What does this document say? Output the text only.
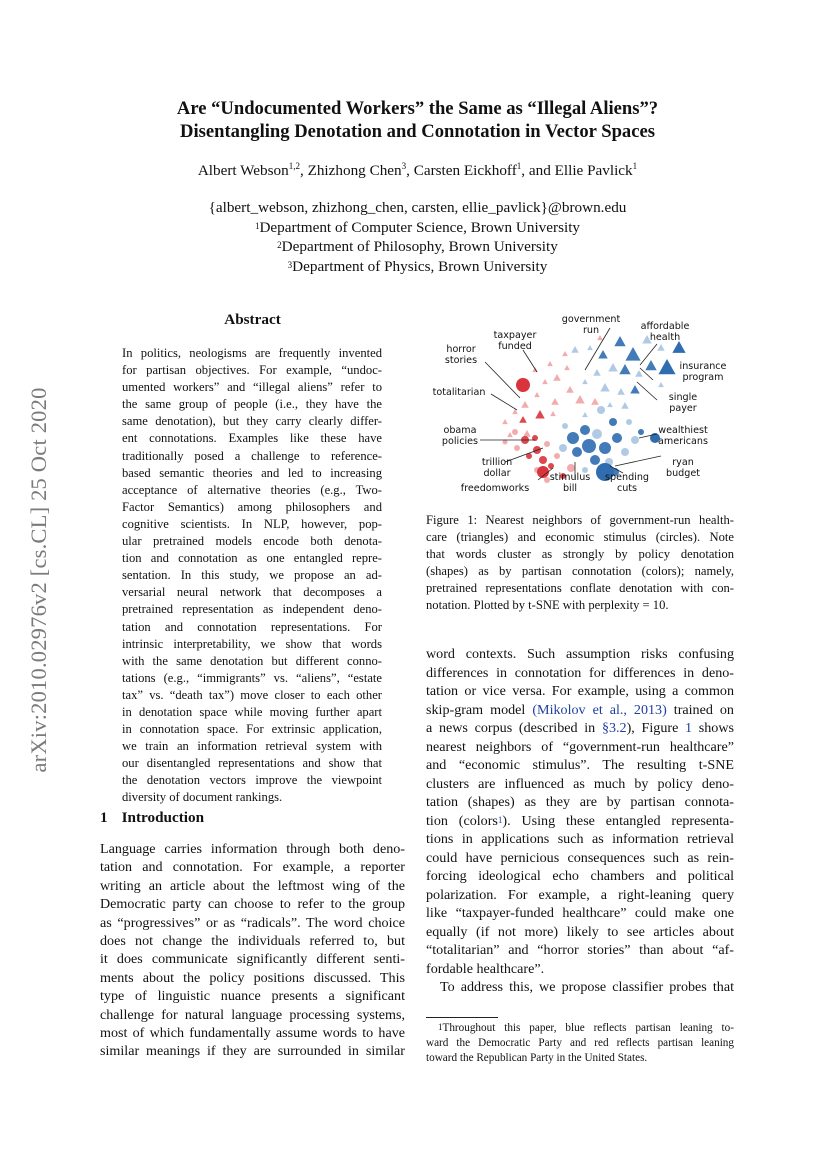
arXiv:2010.02976v2 [cs.CL] 25 Oct 2020
Are “Undocumented Workers” the Same as “Illegal Aliens”?
Disentangling Denotation and Connotation in Vector Spaces
Albert Webson$^{1,2}$, Zhizhong Chen$^3$, Carsten Eickhoff$^1$, and Ellie Pavlick$^1$
{albert_webson, zhizhong_chen, carsten, ellie_pavlick}@brown.edu
$^1$Department of Computer Science, Brown University
$^2$Department of Philosophy, Brown University
$^3$Department of Physics, Brown University
Abstract
In politics, neologisms are frequently invented
for partisan objectives. For example, “undoc-
umented workers” and “illegal aliens” refer to
the same group of people (i.e., they have the
same denotation), but they carry clearly differ-
ent connotations. Examples like these have
traditionally posed a challenge to reference-
based semantic theories and led to increasing
acceptance of alternative theories (e.g., Two-
Factor Semantics) among philosophers and
cognitive scientists. In NLP, however, pop-
ular pretrained models encode both denota-
tion and connotation as one entangled repre-
sentation. In this study, we propose an ad-
versarial neural network that decomposes a
pretrained representation as independent deno-
tation and connotation representations. For
intrinsic interpretability, we show that words
with the same denotation but different conno-
tations (e.g., “immigrants” vs. “aliens”, “estate
tax” vs. “death tax”) move closer to each other
in denotation space while moving further apart
in connotation space. For extrinsic application,
we train an information retrieval system with
our disentangled representations and show that
the denotation vectors improve the viewpoint
diversity of document rankings.
1 Introduction
Language carries information through both deno-
tation and connotation. For example, a reporter
writing an article about the leftmost wing of the
Democratic party can choose to refer to the group
as “progressives” or as “radicals”. The word choice
does not change the individuals referred to, but
it does communicate significantly different senti-
ments about the policy positions discussed. This
type of linguistic nuance presents a significant
challenge for natural language processing systems,
most of which fundamentally assume words to have
similar meanings if they are surrounded in similar
government
run	affordable
health
taxpayer
funded
horror
stories
insurance
program
totalitarian	single
payer
obama
policies
wealthiest
americans
trillion
dollar
ryan
budget
freedomworks
stimulus
bill
spending
cuts
Figure 1: Nearest neighbors of government-run health-
care (triangles) and economic stimulus (circles). Note
that words cluster as strongly by policy denotation
(shapes) as by partisan connotation (colors); namely,
pretrained representations conflate denotation with con-
notation. Plotted by t-SNE with perplexity = 10.
word contexts. Such assumption risks confusing
differences in connotation for differences in deno-
tation or vice versa. For example, using a common
skip-gram model (Mikolov et al., 2013) trained on
a news corpus (described in §3.2), Figure 1 shows
nearest neighbors of “government-run healthcare”
and “economic stimulus”. The resulting t-SNE
clusters are influenced as much by policy deno-
tation (shapes) as they are by partisan connota-
tion (colors$^1$). Using these entangled representa-
tions in applications such as information retrieval
could have pernicious consequences such as rein-
forcing ideological echo chambers and political
polarization. For example, a right-leaning query
like “taxpayer-funded healthcare” could make one
equally (if not more) likely to see articles about
“totalitarian” and “horror stories” than about “af-
fordable healthcare”.
To address this, we propose classifier probes that
$^1$Throughout this paper, blue reflects partisan leaning to-
ward the Democratic Party and red reflects partisan leaning
toward the Republican Party in the United States.
